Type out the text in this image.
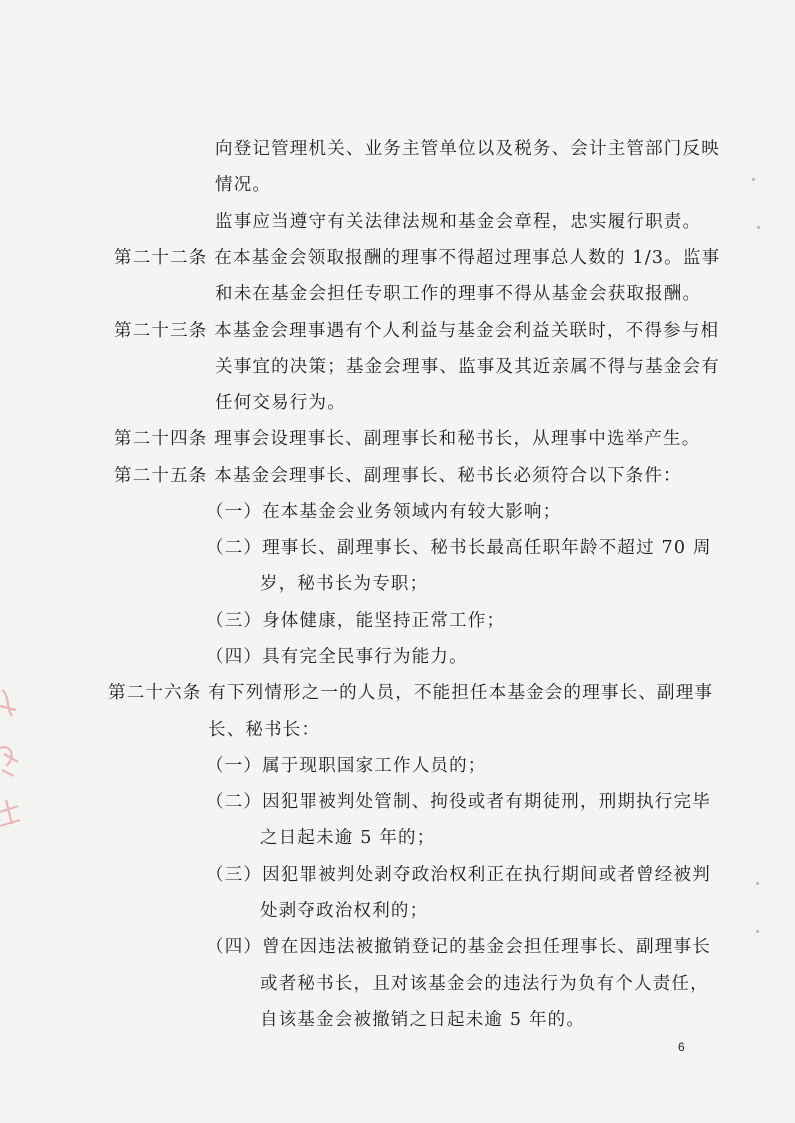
向登记管理机关、业务主管单位以及税务、会计主管部门反映
情况。
监事应当遵守有关法律法规和基金会章程，忠实履行职责。
第二十二条 在本基金会领取报酬的理事不得超过理事总人数的 1/3。监事
和未在基金会担任专职工作的理事不得从基金会获取报酬。
第二十三条 本基金会理事遇有个人利益与基金会利益关联时，不得参与相
关事宜的决策；基金会理事、监事及其近亲属不得与基金会有
任何交易行为。
第二十四条 理事会设理事长、副理事长和秘书长，从理事中选举产生。
第二十五条 本基金会理事长、副理事长、秘书长必须符合以下条件：
（一）在本基金会业务领域内有较大影响；
（二）理事长、副理事长、秘书长最高任职年龄不超过 70 周
岁，秘书长为专职；
（三）身体健康，能坚持正常工作；
（四）具有完全民事行为能力。
第二十六条 有下列情形之一的人员，不能担任本基金会的理事长、副理事
长、秘书长：
（一）属于现职国家工作人员的；
（二）因犯罪被判处管制、拘役或者有期徒刑，刑期执行完毕
之日起未逾 5 年的；
（三）因犯罪被判处剥夺政治权利正在执行期间或者曾经被判
处剥夺政治权利的；
（四）曾在因违法被撤销登记的基金会担任理事长、副理事长
或者秘书长，且对该基金会的违法行为负有个人责任，
自该基金会被撤销之日起未逾 5 年的。
6
